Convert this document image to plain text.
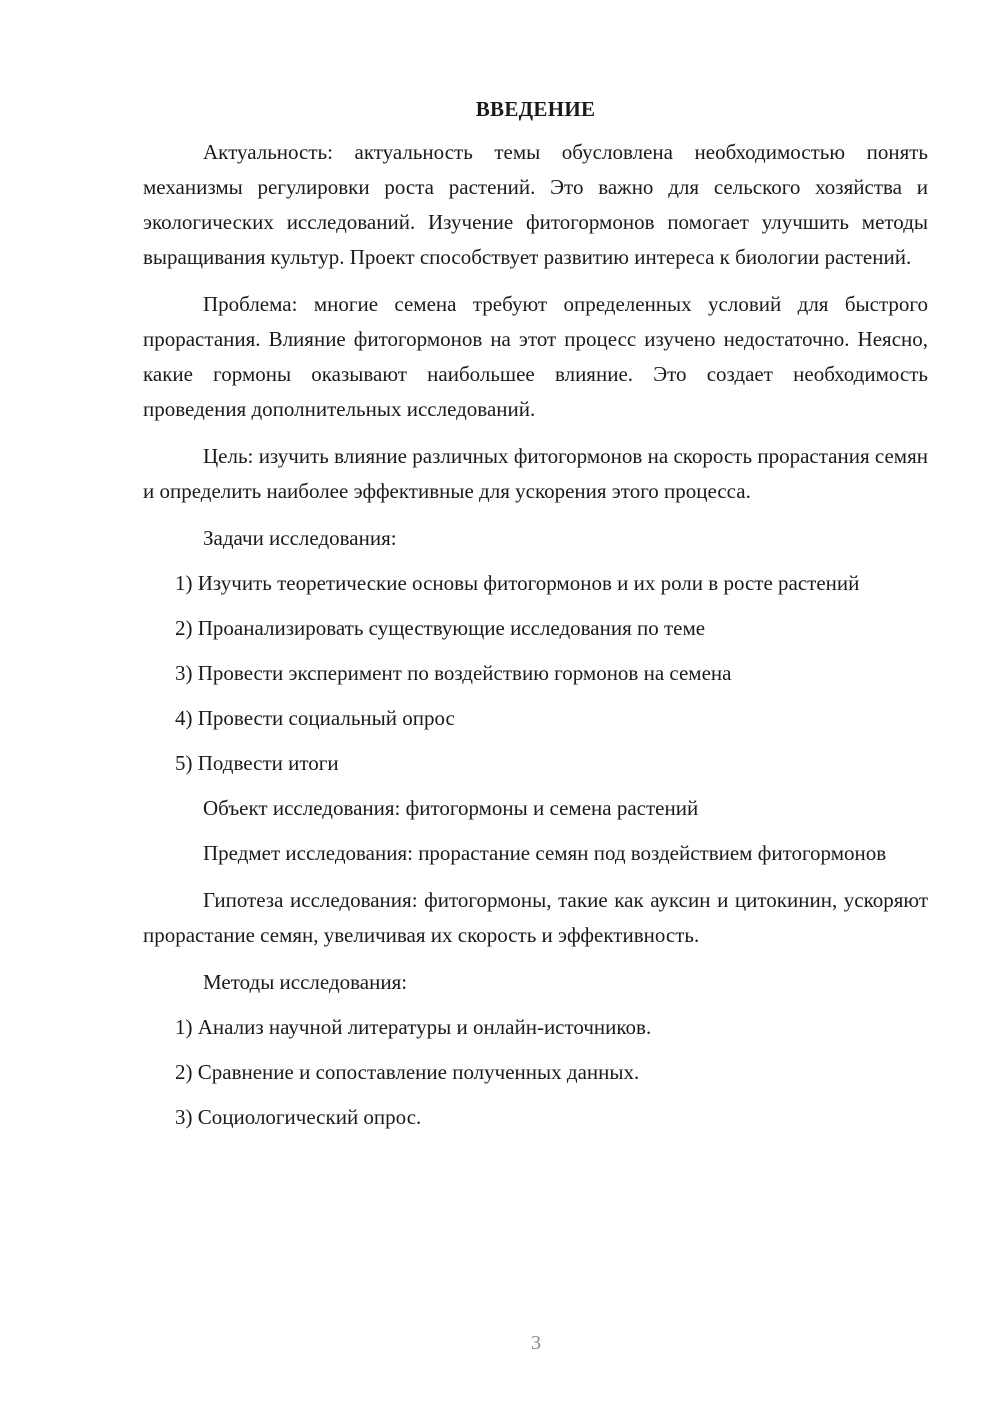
ВВЕДЕНИЕ

Актуальность: актуальность темы обусловлена необходимостью понять механизмы регулировки роста растений. Это важно для сельского хозяйства и экологических исследований. Изучение фитогормонов помогает улучшить методы выращивания культур. Проект способствует развитию интереса к биологии растений.

Проблема: многие семена требуют определенных условий для быстрого прорастания. Влияние фитогормонов на этот процесс изучено недостаточно. Неясно, какие гормоны оказывают наибольшее влияние. Это создает необходимость проведения дополнительных исследований.

Цель: изучить влияние различных фитогормонов на скорость прорастания семян и определить наиболее эффективные для ускорения этого процесса.

Задачи исследования:
1) Изучить теоретические основы фитогормонов и их роли в росте растений
2) Проанализировать существующие исследования по теме
3) Провести эксперимент по воздействию гормонов на семена
4) Провести социальный опрос
5) Подвести итоги
Объект исследования: фитогормоны и семена растений

Предмет исследования: прорастание семян под воздействием фитогормонов

Гипотеза исследования: фитогормоны, такие как ауксин и цитокинин, ускоряют прорастание семян, увеличивая их скорость и эффективность.

Методы исследования:
1) Анализ научной литературы и онлайн-источников.
2) Сравнение и сопоставление полученных данных.
3) Социологический опрос.
3
